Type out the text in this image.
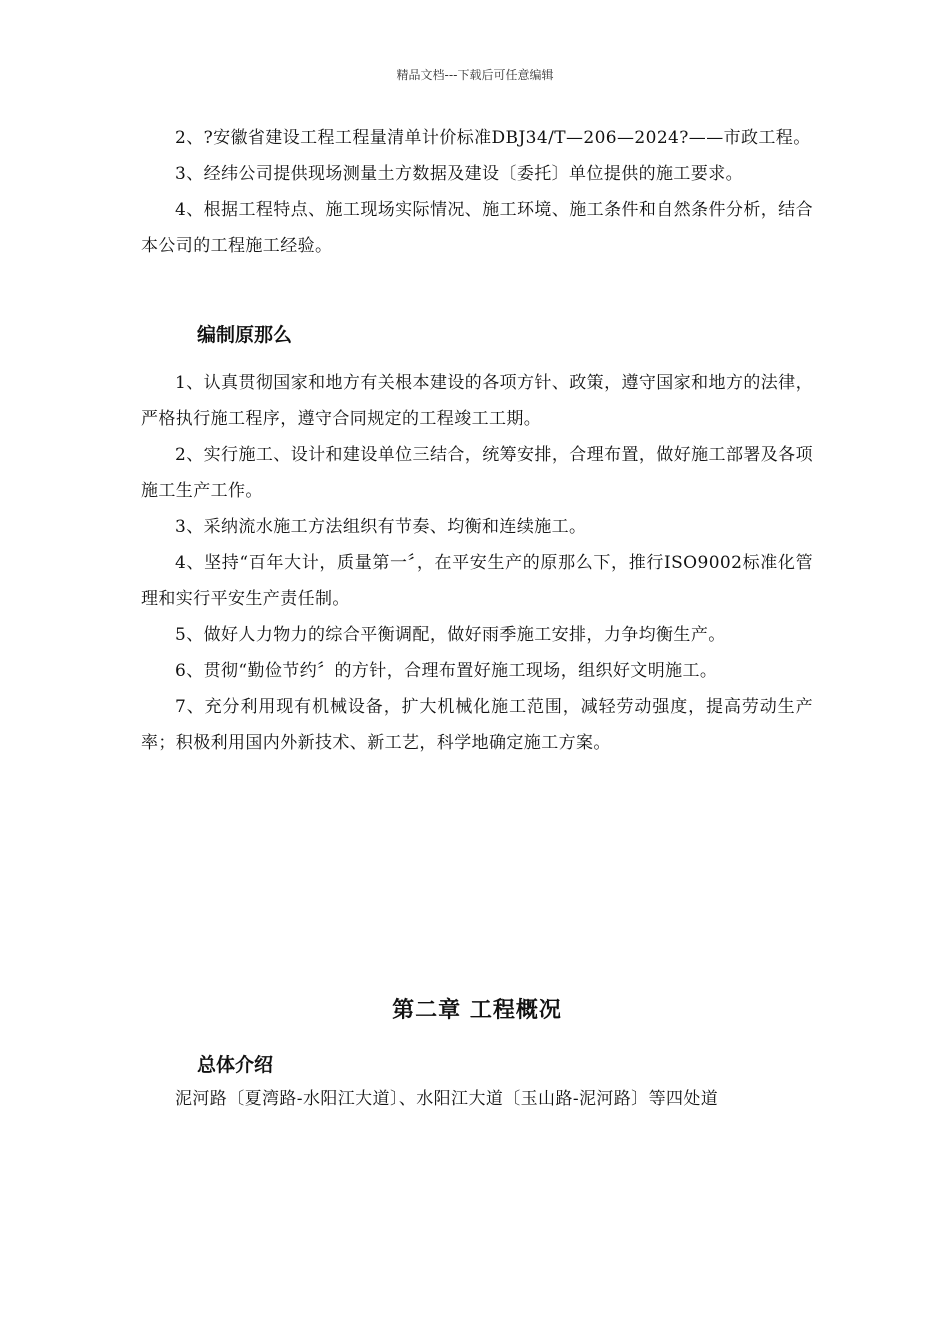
精品文档---下载后可任意编辑

2、?安徽省建设工程工程量清单计价标准DBJ34/T—206—2024?——市政工程。

3、经纬公司提供现场测量土方数据及建设〔委托〕单位提供的施工要求。

4、根据工程特点、施工现场实际情况、施工环境、施工条件和自然条件分析，结合本公司的工程施工经验。

编制原那么

1、认真贯彻国家和地方有关根本建设的各项方针、政策，遵守国家和地方的法律，严格执行施工程序，遵守合同规定的工程竣工工期。

2、实行施工、设计和建设单位三结合，统筹安排，合理布置，做好施工部署及各项施工生产工作。

3、采纳流水施工方法组织有节奏、均衡和连续施工。

4、坚持“百年大计，质量第一〞，在平安生产的原那么下，推行ISO9002标准化管理和实行平安生产责任制。

5、做好人力物力的综合平衡调配，做好雨季施工安排，力争均衡生产。

6、贯彻“勤俭节约〞的方针，合理布置好施工现场，组织好文明施工。

7、充分利用现有机械设备，扩大机械化施工范围，减轻劳动强度，提高劳动生产率；积极利用国内外新技术、新工艺，科学地确定施工方案。

第二章 工程概况
总体介绍

泥河路〔夏湾路-水阳江大道〕、水阳江大道〔玉山路-泥河路〕等四处道
